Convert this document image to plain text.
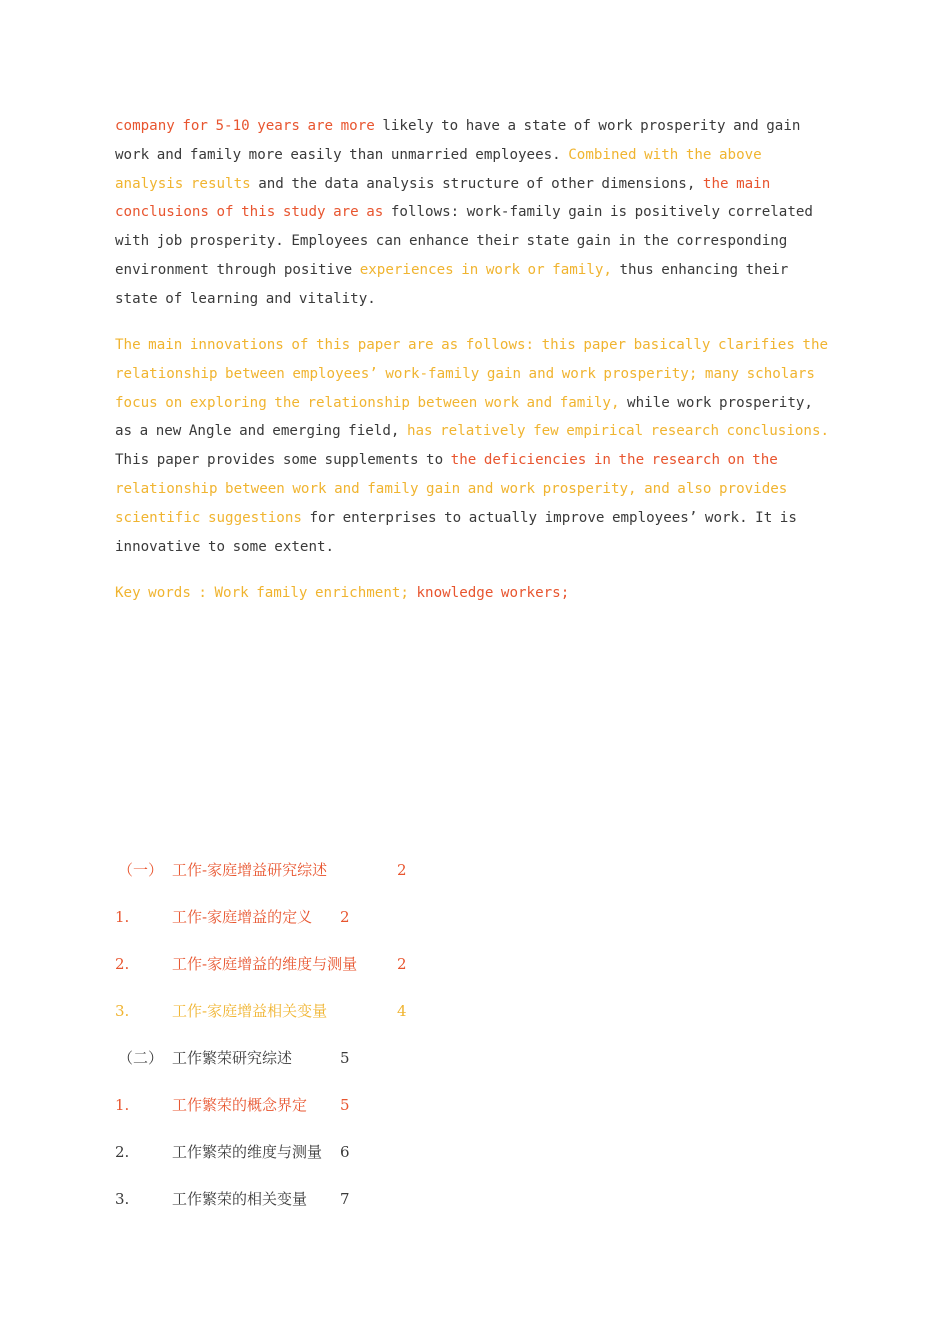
company for 5-10 years are more likely to have a state of work prosperity and gain work and family more easily than unmarried employees. Combined with the above analysis results and the data analysis structure of other dimensions, the main conclusions of this study are as follows: work-family gain is positively correlated with job prosperity. Employees can enhance their state gain in the corresponding environment through positive experiences in work or family, thus enhancing their state of learning and vitality.

The main innovations of this paper are as follows: this paper basically clarifies the relationship between employees’ work-family gain and work prosperity; many scholars focus on exploring the relationship between work and family, while work prosperity, as a new Angle and emerging field, has relatively few empirical research conclusions. This paper provides some supplements to the deficiencies in the research on the relationship between work and family gain and work prosperity, and also provides scientific suggestions for enterprises to actually improve employees’ work. It is innovative to some extent.

Key words : Work family enrichment; knowledge workers;

（一） 工作-家庭增益研究综述	2
1.	工作-家庭增益的定义 2
2.	工作-家庭增益的维度与测量	2
3.	工作-家庭增益相关变量	4
（二） 工作繁荣研究综述	5
1.	工作繁荣的概念界定 5
2.	工作繁荣的维度与测量 6
3.	工作繁荣的相关变量 7
